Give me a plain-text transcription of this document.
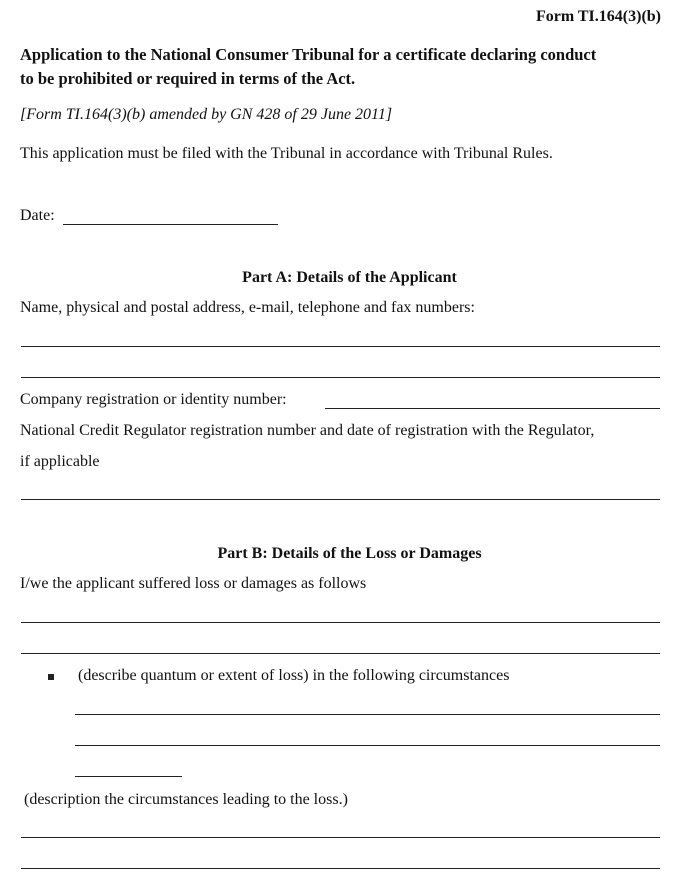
Form TI.164(3)(b)
Application to the National Consumer Tribunal for a certificate declaring conduct
to be prohibited or required in terms of the Act.
[Form TI.164(3)(b) amended by GN 428 of 29 June 2011]
This application must be filed with the Tribunal in accordance with Tribunal Rules.
Date:
Part A: Details of the Applicant
Name, physical and postal address, e-mail, telephone and fax numbers:
Company registration or identity number:
National Credit Regulator registration number and date of registration with the Regulator,
if applicable
Part B: Details of the Loss or Damages
I/we the applicant suffered loss or damages as follows
(describe quantum or extent of loss) in the following circumstances
(description the circumstances leading to the loss.)
